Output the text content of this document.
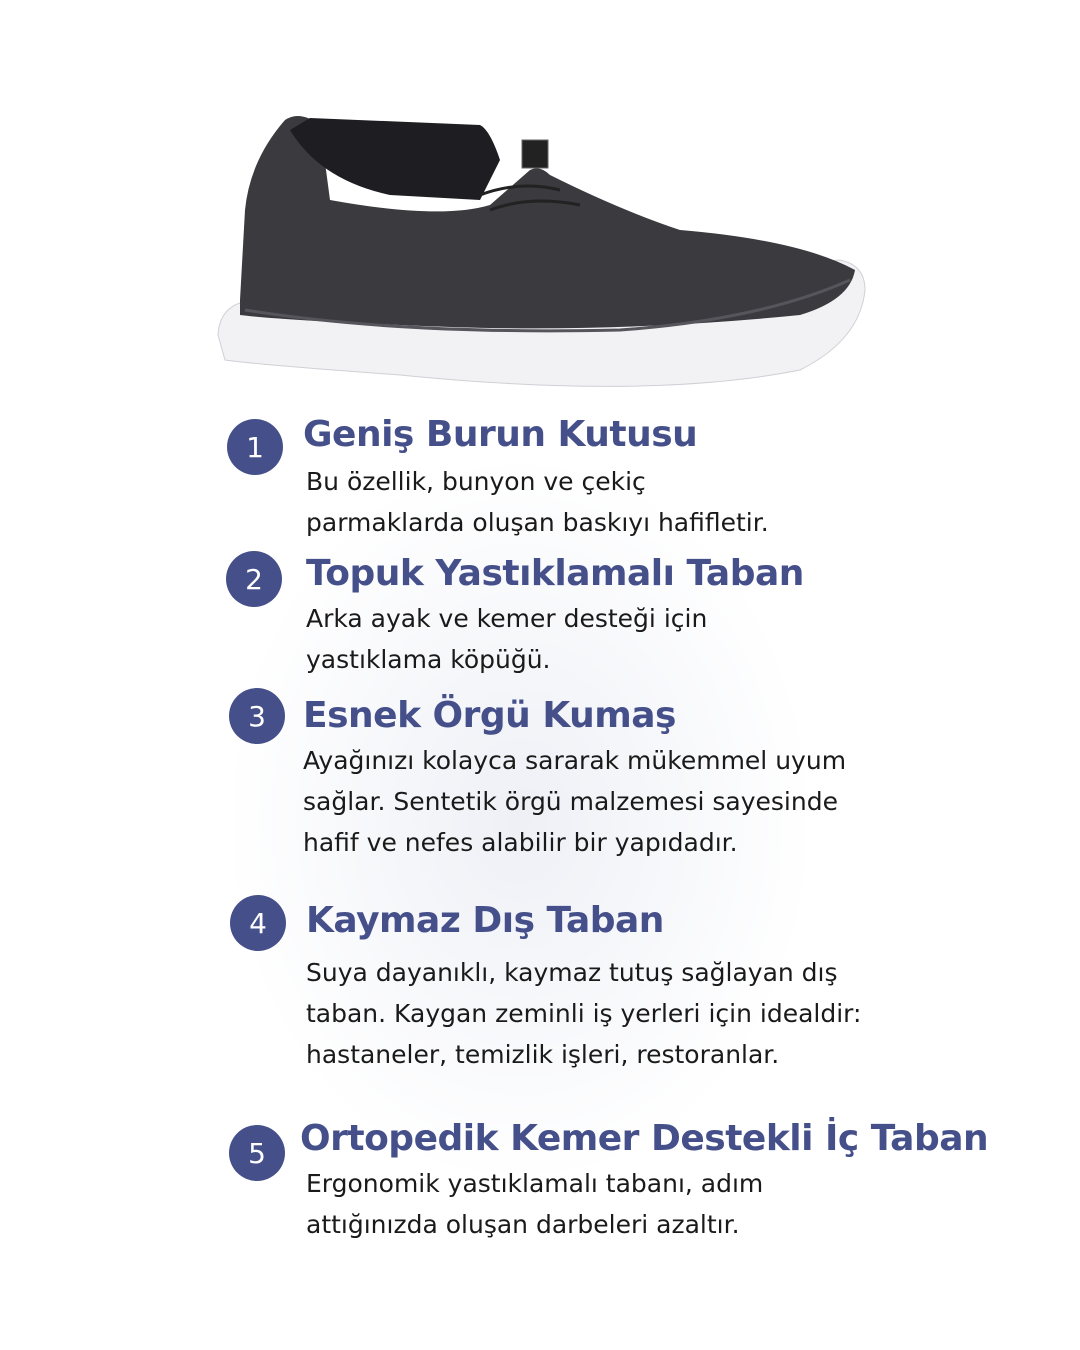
1	Geniş Burun Kutusu
Bu özellik, bunyon ve çekiç
parmaklarda oluşan baskıyı hafifletir.
2	Topuk Yastıklamalı Taban
Arka ayak ve kemer desteği için
yastıklama köpüğü.
3	Esnek Örgü Kumaş
Ayağınızı kolayca sararak mükemmel uyum
sağlar. Sentetik örgü malzemesi sayesinde
hafif ve nefes alabilir bir yapıdadır.
4	Kaymaz Dış Taban
Suya dayanıklı, kaymaz tutuş sağlayan dış
taban. Kaygan zeminli iş yerleri için idealdir:
hastaneler, temizlik işleri, restoranlar.
5 Ortopedik Kemer Destekli İç Taban
Ergonomik yastıklamalı tabanı, adım
attığınızda oluşan darbeleri azaltır.
